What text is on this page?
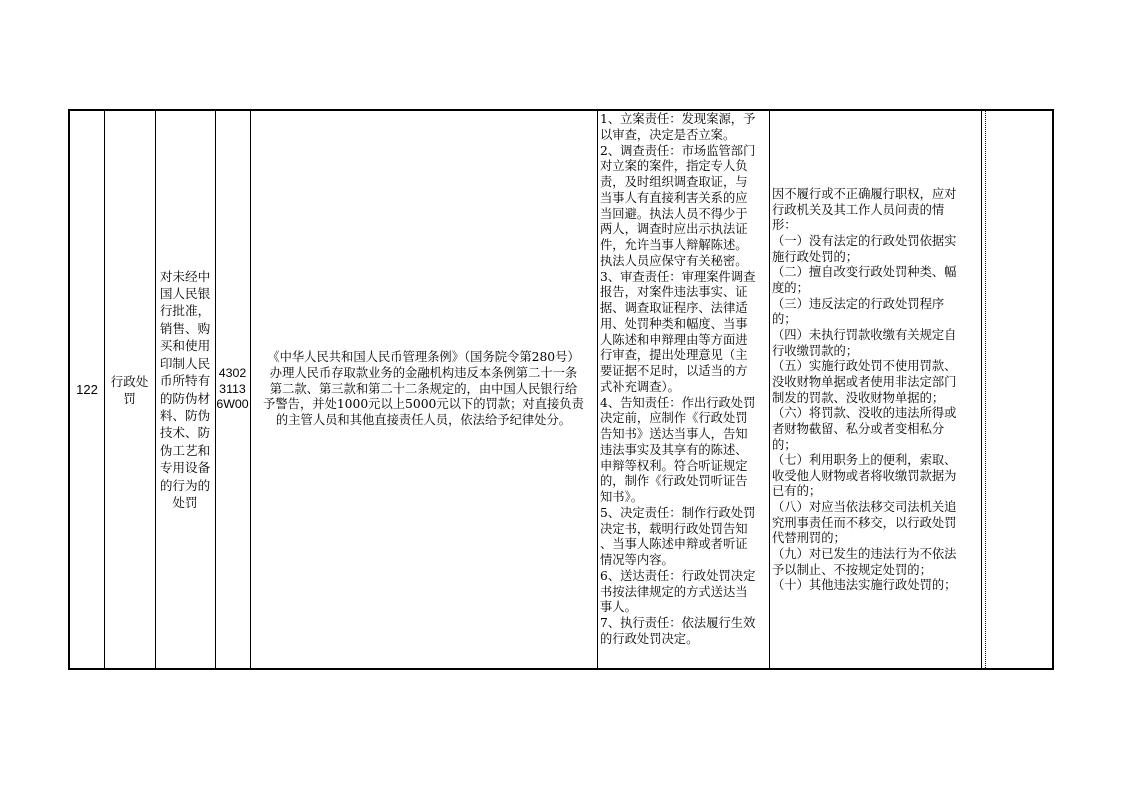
122
行政处罚
对未经中国人民银行批准，销售、购买和使用印制人民币所特有的防伪材料、防伪技术、防伪工艺和专用设备的行为的处罚
43023113 6W00
《中华人民共和国人民币管理条例》（国务院令第280号）
办理人民币存取款业务的金融机构违反本条例第二十一条
第二款、第三款和第二十二条规定的，由中国人民银行给
予警告，并处1000元以上5000元以下的罚款；对直接负责
的主管人员和其他直接责任人员，依法给予纪律处分。
1、立案责任：发现案源，予
以审查，决定是否立案。
2、调查责任：市场监管部门
对立案的案件，指定专人负
责，及时组织调查取证，与
当事人有直接利害关系的应
当回避。执法人员不得少于
两人，调查时应出示执法证
件，允许当事人辩解陈述。
执法人员应保守有关秘密。
3、审查责任：审理案件调查
报告，对案件违法事实、证
据、调查取证程序、法律适
用、处罚种类和幅度、当事
人陈述和申辩理由等方面进
行审查，提出处理意见（主
要证据不足时，以适当的方
式补充调查）。
4、告知责任：作出行政处罚
决定前，应制作《行政处罚
告知书》送达当事人，告知
违法事实及其享有的陈述、
申辩等权利。符合听证规定
的，制作《行政处罚听证告
知书》。
5、决定责任：制作行政处罚
决定书，载明行政处罚告知
、当事人陈述申辩或者听证
情况等内容。
6、送达责任：行政处罚决定
书按法律规定的方式送达当
事人。
7、执行责任：依法履行生效
的行政处罚决定。
因不履行或不正确履行职权，应对
行政机关及其工作人员问责的情
形：
（一）没有法定的行政处罚依据实
施行政处罚的；
（二）擅自改变行政处罚种类、幅
度的；
（三）违反法定的行政处罚程序
的；
（四）未执行罚款收缴有关规定自
行收缴罚款的；
（五）实施行政处罚不使用罚款、
没收财物单据或者使用非法定部门
制发的罚款、没收财物单据的；
（六）将罚款、没收的违法所得或
者财物截留、私分或者变相私分
的；
（七）利用职务上的便利，索取、
收受他人财物或者将收缴罚款据为
已有的；
（八）对应当依法移交司法机关追
究刑事责任而不移交，以行政处罚
代替刑罚的；
（九）对已发生的违法行为不依法
予以制止、不按规定处罚的；
（十）其他违法实施行政处罚的；
